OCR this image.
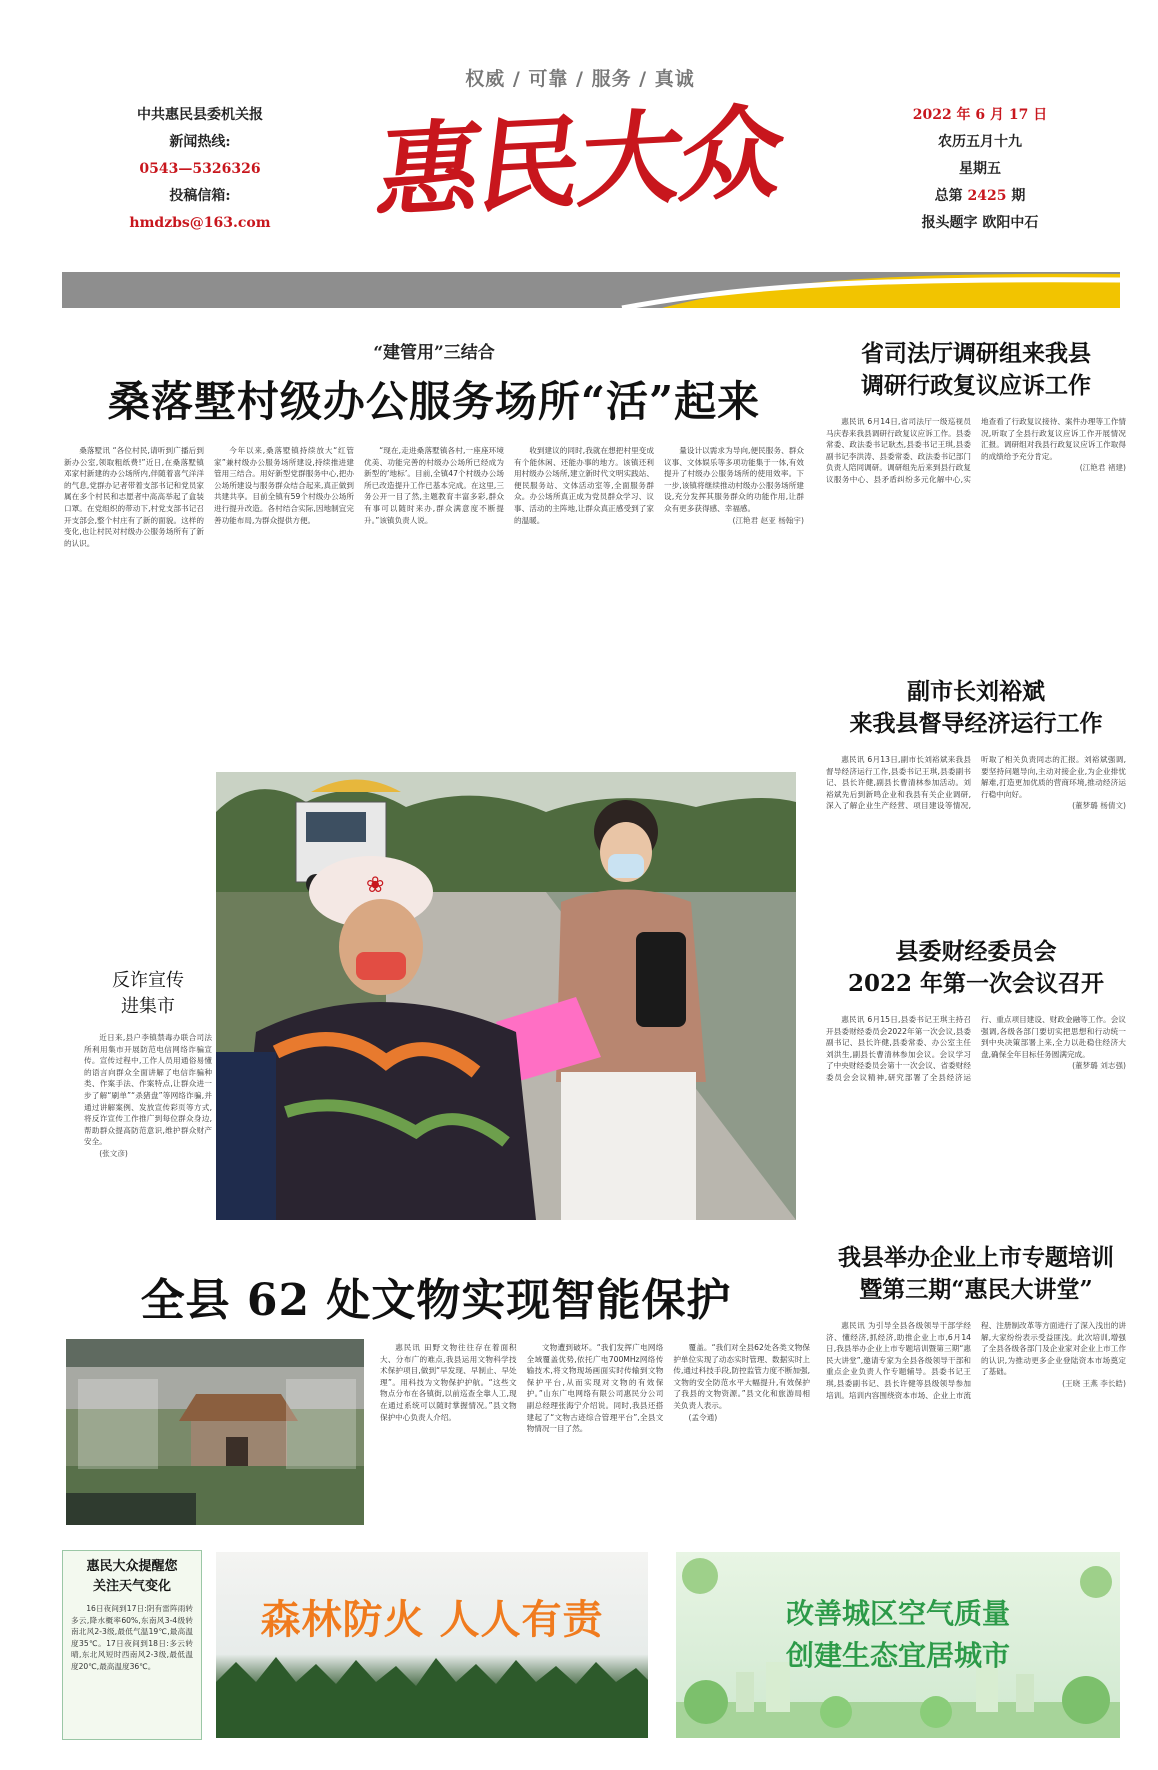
权威 / 可靠 / 服务 / 真诚
中共惠民县委机关报
新闻热线:
0543—5326326
投稿信箱:
hmdzbs@163.com 惠民大众	2022 年 6 月 17 日
农历五月十九
星期五
总第 2425 期
报头题字 欧阳中石
“建管用”三结合
桑落墅村级办公服务场所“活”起来
桑落墅讯 “各位村民,请听到广播后到新办公室,领取粗纸费!”近日,在桑落墅镇邓家村新建的办公场所内,伴随着喜气洋洋的气息,党群办记者带着支部书记和党员家属在多个村民和志愿者中高高举起了盒装口罩。在党组织的带动下,村党支部书记召开支部会,整个村庄有了新的面貌。这样的变化,也让村民对村级办公服务场所有了新的认识。
今年以来,桑落墅镇持续放大“红管家”兼村级办公服务场所建设,持续推进建管用三结合。用好新型党群服务中心,把办公场所建设与服务群众结合起来,真正做到共建共享。目前全镇有59个村级办公场所进行提升改造。各村结合实际,因地制宜完善功能布局,为群众提供方便。
“现在,走进桑落墅镇各村,一座座环境优美、功能完善的村级办公场所已经成为新型的‘地标’。目前,全镇47个村级办公场所已改造提升工作已基本完成。在这里,三务公开一目了然,主题教育丰富多彩,群众有事可以随时来办,群众满意度不断提升。”该镇负责人说。
收到建议的同时,我就在想把村里变成有个能休闲、还能办事的地方。该镇还利用村级办公场所,建立新时代文明实践站、便民服务站、文体活动室等,全面服务群众。办公场所真正成为党员群众学习、议事、活动的主阵地,让群众真正感受到了家的温暖。
量设计以需求为导向,便民服务、群众议事、文体娱乐等多项功能集于一体,有效提升了村级办公服务场所的使用效率。下一步,该镇将继续推动村级办公服务场所建设,充分发挥其服务群众的功能作用,让群众有更多获得感、幸福感。
(江艳君 赵亚 杨翰宇)
省司法厅调研组来我县
调研行政复议应诉工作
惠民讯 6月14日,省司法厅一级巡视员马庆春来我县调研行政复议应诉工作。县委常委、政法委书记耿杰,县委书记王琪,县委副书记李洪涛、县委常委、政法委书记部门负责人陪同调研。调研组先后来到县行政复议服务中心、县矛盾纠纷多元化解中心,实地查看了行政复议接待、案件办理等工作情况,听取了全县行政复议应诉工作开展情况汇报。调研组对我县行政复议应诉工作取得的成绩给予充分肯定。
(江艳君 褚建)
副市长刘裕斌
来我县督导经济运行工作
惠民讯 6月13日,副市长刘裕斌来我县督导经济运行工作,县委书记王琪,县委副书记、县长许健,副县长曹清林参加活动。刘裕斌先后到新鸣企业和我县有关企业调研,深入了解企业生产经营、项目建设等情况,听取了相关负责同志的汇报。刘裕斌强调,要坚持问题导向,主动对接企业,为企业排忧解难,打造更加优质的营商环境,推动经济运行稳中向好。
(董梦璐 杨倩文)
县委财经委员会
2022 年第一次会议召开
惠民讯 6月15日,县委书记王琪主持召开县委财经委员会2022年第一次会议,县委副书记、县长许健,县委常委、办公室主任刘洪生,副县长曹清林参加会议。会议学习了中央财经委员会第十一次会议、省委财经委员会会议精神,研究部署了全县经济运行、重点项目建设、财政金融等工作。会议强调,各级各部门要切实把思想和行动统一到中央决策部署上来,全力以赴稳住经济大盘,确保全年目标任务圆满完成。
(董梦璐 刘志强)
我县举办企业上市专题培训
暨第三期“惠民大讲堂”
惠民讯 为引导全县各级领导干部学经济、懂经济,抓经济,助推企业上市,6月14日,我县举办企业上市专题培训暨第三期“惠民大讲堂”,邀请专家为全县各级领导干部和重点企业负责人作专题辅导。县委书记王琪,县委副书记、县长许健等县级领导参加培训。培训内容围绕资本市场、企业上市流程、注册制改革等方面进行了深入浅出的讲解,大家纷纷表示受益匪浅。此次培训,增强了全县各级各部门及企业家对企业上市工作的认识,为推动更多企业登陆资本市场奠定了基础。
(王晓 王燕 李长皓)
反诈宣传
进集市
近日来,县户李镇禁毒办联合司法所利用集市开展防范电信网络诈骗宣传。宣传过程中,工作人员用通俗易懂的语言向群众全面讲解了电信诈骗种类、作案手法、作案特点,让群众进一步了解“刷单”“杀猪盘”等网络诈骗,并通过讲解案例、发放宣传彩页等方式,将反诈宣传工作推广到每位群众身边,帮助群众提高防范意识,维护群众财产安全。
(张文彦)
❀
全县 62 处文物实现智能保护
惠民讯 田野文物往往存在着面积大、分布广的难点,我县运用文物科学技术保护项目,做到“早发现、早制止、早处理”。用科技为文物保护护航。“这些文物点分布在各镇街,以前巡查全靠人工,现在通过系统可以随时掌握情况。”县文物保护中心负责人介绍。
文物遭到破坏。“我们发挥广电网络全域覆盖优势,依托广电700MHz网络传输技术,将文物现场画面实时传输到文物保护平台,从而实现对文物的有效保护。”山东广电网络有限公司惠民分公司副总经理张海宁介绍说。同时,我县还搭建起了“文物古迹综合管理平台”,全县文物情况一目了然。
覆盖。“我们对全县62处各类文物保护单位实现了动态实时管理、数据实时上传,通过科技手段,防控监管力度不断加强,文物的安全防范水平大幅提升,有效保护了我县的文物资源。”县文化和旅游局相关负责人表示。
(孟令通)
惠民大众提醒您
关注天气变化
16日夜间到17日:阴有雷阵雨转多云,降水概率60%,东南风3-4级转南北风2-3级,最低气温19℃,最高温度35℃。17日夜间到18日:多云转晴,东北风短时西南风2-3级,最低温度20℃,最高温度36℃。
森林防火 人人有责	改善城区空气质量
创建生态宜居城市
